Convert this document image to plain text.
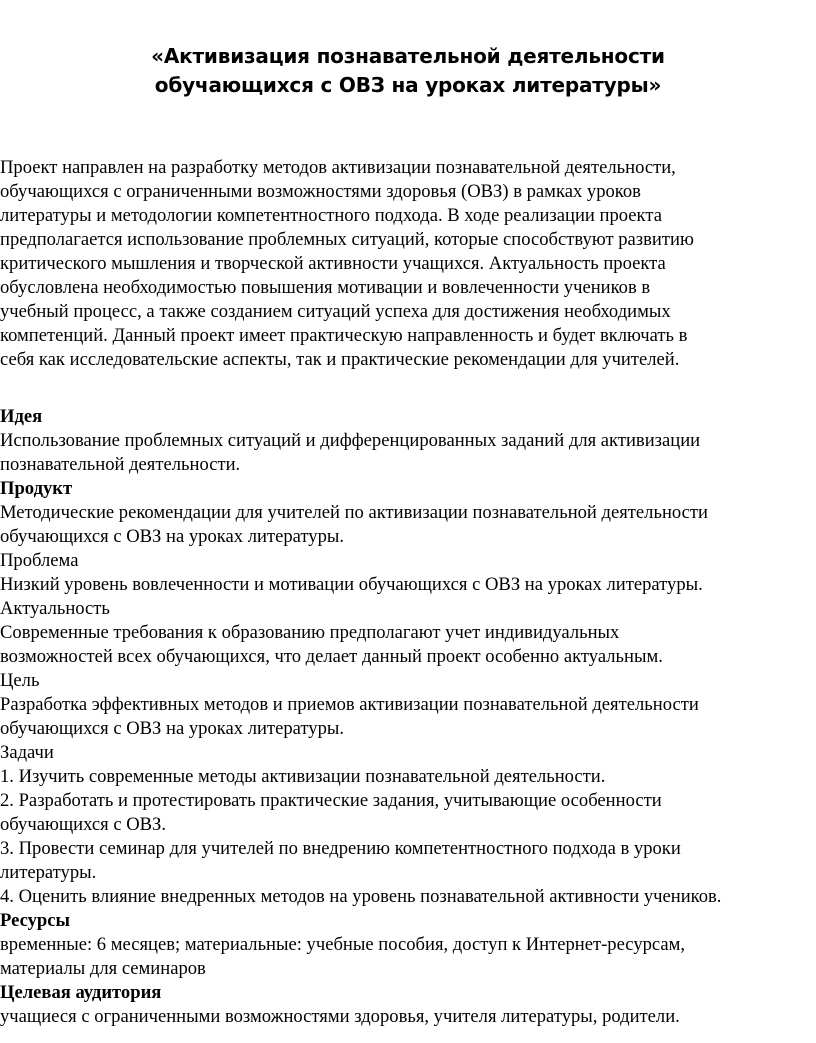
«Активизация познавательной деятельности
обучающихся с ОВЗ на уроках литературы»
Проект направлен на разработку методов активизации познавательной деятельности,
обучающихся с ограниченными возможностями здоровья (ОВЗ) в рамках уроков
литературы и методологии компетентностного подхода. В ходе реализации проекта
предполагается использование проблемных ситуаций, которые способствуют развитию
критического мышления и творческой активности учащихся. Актуальность проекта
обусловлена необходимостью повышения мотивации и вовлеченности учеников в
учебный процесс, а также созданием ситуаций успеха для достижения необходимых
компетенций. Данный проект имеет практическую направленность и будет включать в
себя как исследовательские аспекты, так и практические рекомендации для учителей.
Идея
Использование проблемных ситуаций и дифференцированных заданий для активизации
познавательной деятельности.
Продукт
Методические рекомендации для учителей по активизации познавательной деятельности
обучающихся с ОВЗ на уроках литературы.
Проблема
Низкий уровень вовлеченности и мотивации обучающихся с ОВЗ на уроках литературы.
Актуальность
Современные требования к образованию предполагают учет индивидуальных
возможностей всех обучающихся, что делает данный проект особенно актуальным.
Цель
Разработка эффективных методов и приемов активизации познавательной деятельности
обучающихся с ОВЗ на уроках литературы.
Задачи
1. Изучить современные методы активизации познавательной деятельности.
2. Разработать и протестировать практические задания, учитывающие особенности
обучающихся с ОВЗ.
3. Провести семинар для учителей по внедрению компетентностного подхода в уроки
литературы.
4. Оценить влияние внедренных методов на уровень познавательной активности учеников.
Ресурсы
временные: 6 месяцев; материальные: учебные пособия, доступ к Интернет-ресурсам,
материалы для семинаров
Целевая аудитория
учащиеся с ограниченными возможностями здоровья, учителя литературы, родители.
